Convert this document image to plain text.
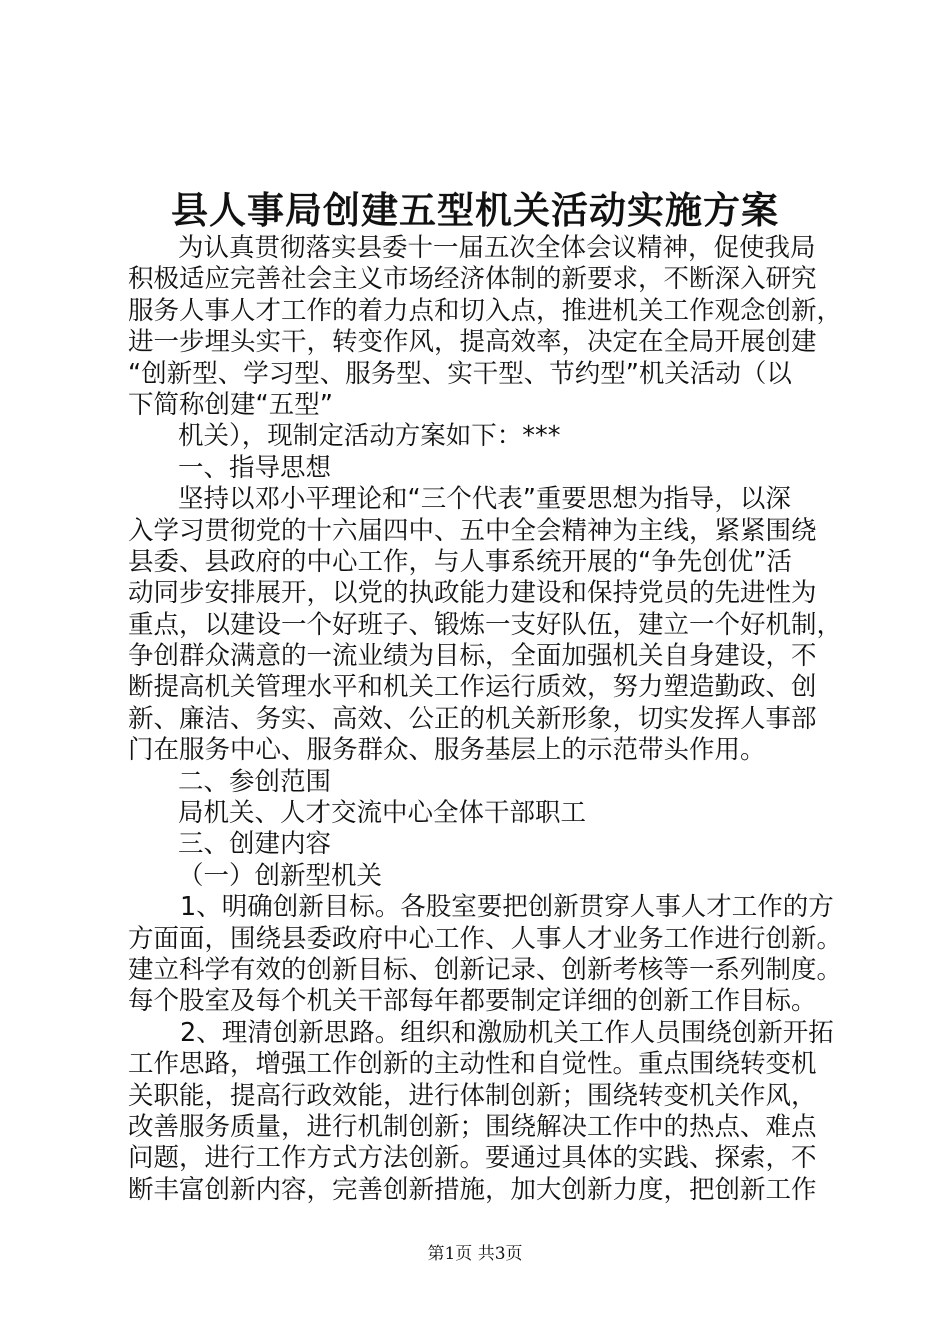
县人事局创建五型机关活动实施方案
为认真贯彻落实县委十一届五次全体会议精神，促使我局
积极适应完善社会主义市场经济体制的新要求，不断深入研究
服务人事人才工作的着力点和切入点，推进机关工作观念创新，
进一步埋头实干，转变作风，提高效率，决定在全局开展创建
“创新型、学习型、服务型、实干型、节约型”机关活动（以
下简称创建“五型”
机关），现制定活动方案如下：***
一、指导思想
坚持以邓小平理论和“三个代表”重要思想为指导，以深
入学习贯彻党的十六届四中、五中全会精神为主线，紧紧围绕
县委、县政府的中心工作，与人事系统开展的“争先创优”活
动同步安排展开，以党的执政能力建设和保持党员的先进性为
重点，以建设一个好班子、锻炼一支好队伍，建立一个好机制，
争创群众满意的一流业绩为目标，全面加强机关自身建设，不
断提高机关管理水平和机关工作运行质效，努力塑造勤政、创
新、廉洁、务实、高效、公正的机关新形象，切实发挥人事部
门在服务中心、服务群众、服务基层上的示范带头作用。
二、参创范围
局机关、人才交流中心全体干部职工
三、创建内容
（一）创新型机关
1、明确创新目标。各股室要把创新贯穿人事人才工作的方
方面面，围绕县委政府中心工作、人事人才业务工作进行创新。
建立科学有效的创新目标、创新记录、创新考核等一系列制度。
每个股室及每个机关干部每年都要制定详细的创新工作目标。
2、理清创新思路。组织和激励机关工作人员围绕创新开拓
工作思路，增强工作创新的主动性和自觉性。重点围绕转变机
关职能，提高行政效能，进行体制创新；围绕转变机关作风，
改善服务质量，进行机制创新；围绕解决工作中的热点、难点
问题，进行工作方式方法创新。要通过具体的实践、探索，不
断丰富创新内容，完善创新措施，加大创新力度，把创新工作
第1页 共3页
